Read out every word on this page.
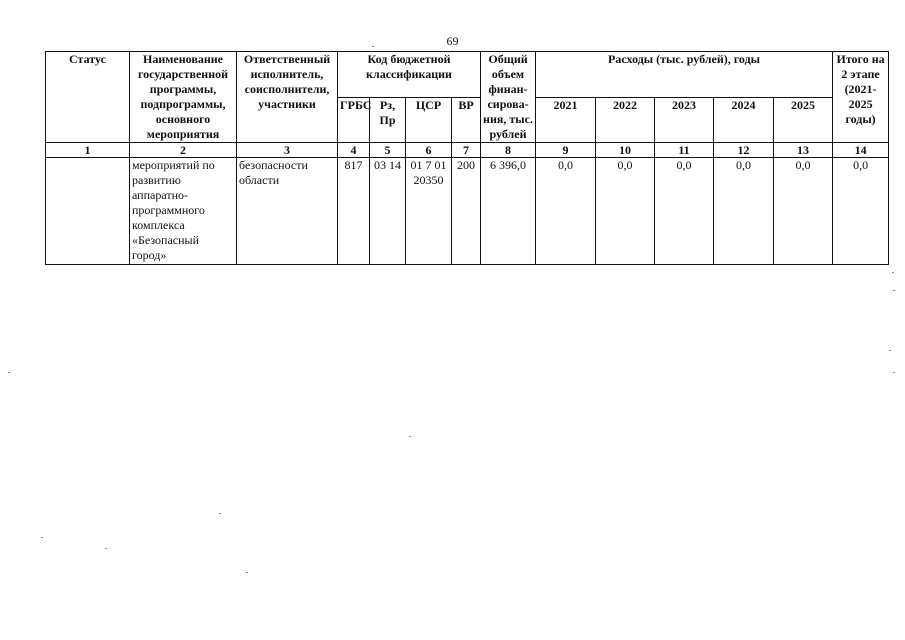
69
Статус	Наименование государственной программы, подпрограммы, основного мероприятия	Ответственный исполнитель, соисполнители, участники	Код бюджетной классификации				Общий объем финан-сирова-ния, тыс. рублей	Расходы (тыс. рублей), годы					Итого на 2 этапе (2021-2025 годы)
			ГРБС	Рз, Пр	ЦСР	ВР		2021	2022	2023	2024	2025	
1	2	3	4	5	6	7	8	9	10	11	12	13	14
	мероприятий по развитию аппаратно-программного комплекса «Безопасный город»	безопасности области	817	03 14	01 7 01 20350	200	6 396,0	0,0	0,0	0,0	0,0	0,0	0,0
